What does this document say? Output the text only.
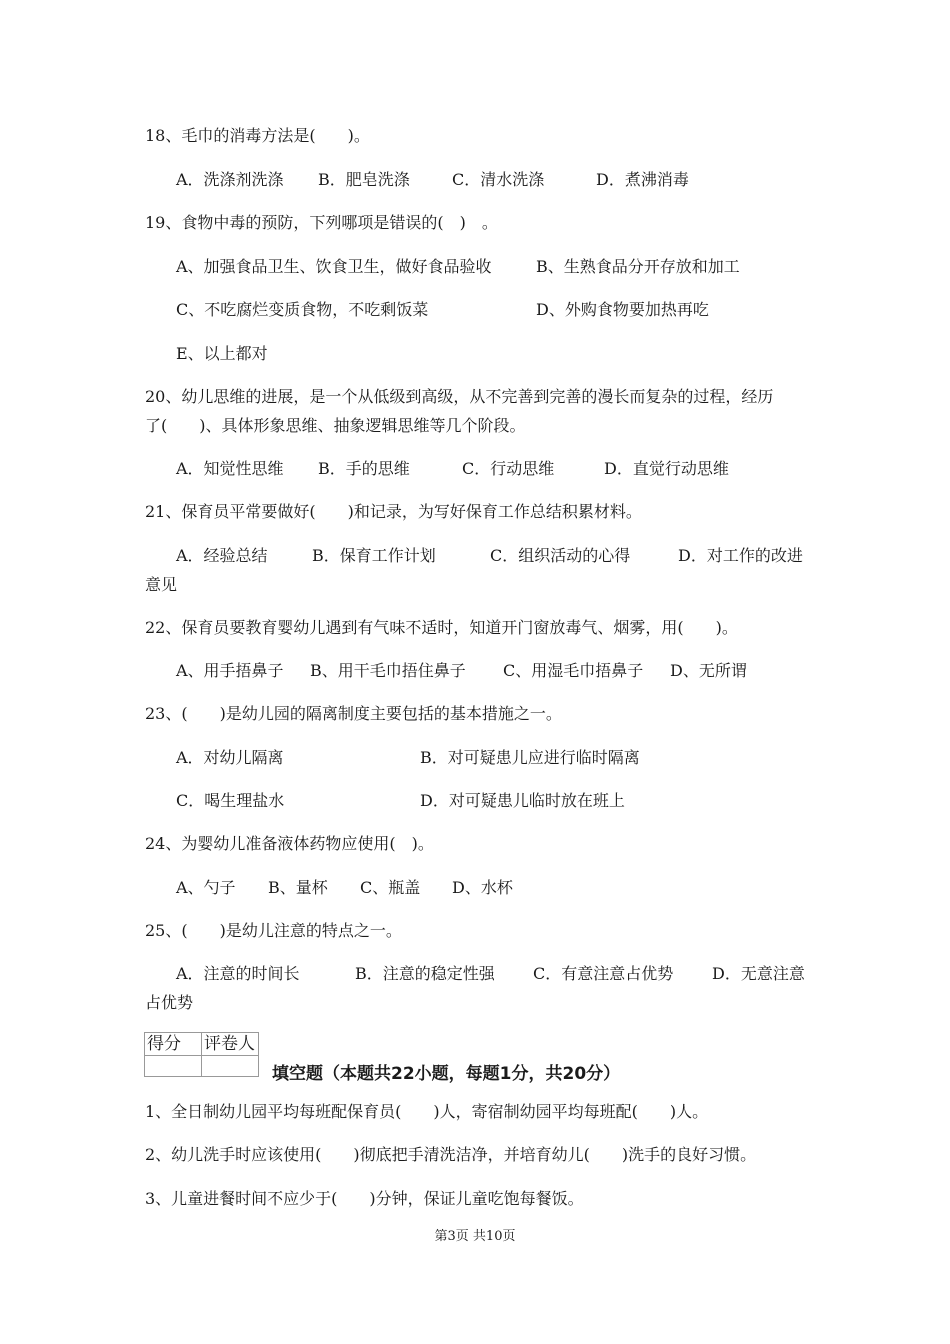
18、毛巾的消毒方法是(　　)。
A．洗涤剂洗涤 B．肥皂洗涤	C．清水洗涤	D．煮沸消毒
19、食物中毒的预防，下列哪项是错误的(　)　。
A、加强食品卫生、饮食卫生，做好食品验收	B、生熟食品分开存放和加工
C、不吃腐烂变质食物，不吃剩饭菜	D、外购食物要加热再吃
E、以上都对
20、幼儿思维的进展，是一个从低级到高级，从不完善到完善的漫长而复杂的过程，经历
了(　　)、具体形象思维、抽象逻辑思维等几个阶段。
A．知觉性思维 B．手的思维	C．行动思维	D．直觉行动思维
21、保育员平常要做好(　　)和记录，为写好保育工作总结积累材料。
A．经验总结	B．保育工作计划	C．组织活动的心得	D．对工作的改进
意见
22、保育员要教育婴幼儿遇到有气味不适时，知道开门窗放毒气、烟雾，用(　　)。
A、用手捂鼻子 B、用干毛巾捂住鼻子 C、用湿毛巾捂鼻子 D、无所谓
23、(　　)是幼儿园的隔离制度主要包括的基本措施之一。
A．对幼儿隔离	B．对可疑患儿应进行临时隔离
C．喝生理盐水	D．对可疑患儿临时放在班上
24、为婴幼儿准备液体药物应使用(　)。
A、勺子 B、量杯 C、瓶盖 D、水杯
25、(　　)是幼儿注意的特点之一。
A．注意的时间长	B．注意的稳定性强 C．有意注意占优势 D．无意注意
占优势
得分	评卷人

填空题（本题共22小题，每题1分，共20分）
1、全日制幼儿园平均每班配保育员(　　)人，寄宿制幼园平均每班配(　　)人。
2、幼儿洗手时应该使用(　　)彻底把手清洗洁净，并培育幼儿(　　)洗手的良好习惯。
3、儿童进餐时间不应少于(　　)分钟，保证儿童吃饱每餐饭。
第3页 共10页
